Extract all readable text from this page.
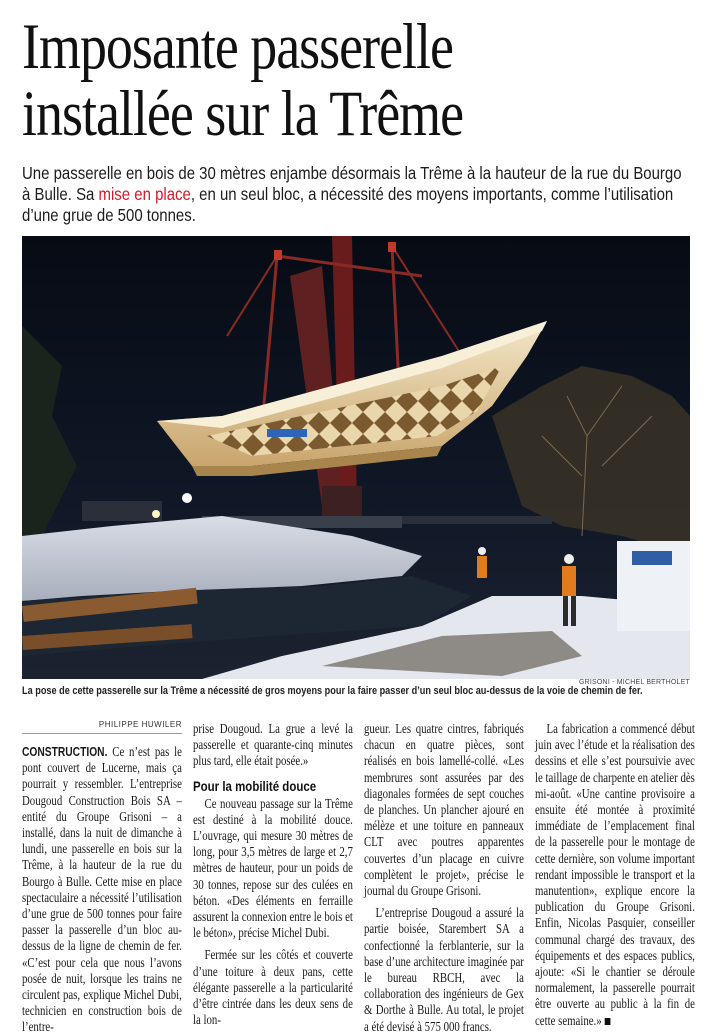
Imposante passerelle
installée sur la Trême
Une passerelle en bois de 30 mètres enjambe désormais la Trême à la hauteur de la rue du Bourgo à Bulle. Sa mise en place, en un seul bloc, a nécessité des moyens importants, comme l’utilisation d’une grue de 500 tonnes.
GRISONI - MICHEL BERTHOLET
La pose de cette passerelle sur la Trême a nécessité de gros moyens pour la faire passer d’un seul bloc au-dessus de la voie de chemin de fer.
PHILIPPE HUWILER

CONSTRUCTION. Ce n’est pas le pont couvert de Lucerne, mais ça pourrait y ressembler. L’entreprise Dougoud Construction Bois SA – entité du Groupe Grisoni – a installé, dans la nuit de dimanche à lundi, une passerelle en bois sur la Trême, à la hauteur de la rue du Bourgo à Bulle. Cette mise en place spectaculaire a nécessité l’utilisation d’une grue de 500 tonnes pour faire passer la passerelle d’un bloc au-dessus de la ligne de chemin de fer. «C’est pour cela que nous l’avons posée de nuit, lorsque les trains ne circulent pas, explique Michel Dubi, technicien en construction bois de l’entre-

prise Dougoud. La grue a levé la passerelle et quarante-cinq minutes plus tard, elle était posée.»

Pour la mobilité douce

Ce nouveau passage sur la Trême est destiné à la mobilité douce. L’ouvrage, qui mesure 30 mètres de long, pour 3,5 mètres de large et 2,7 mètres de hauteur, pour un poids de 30 tonnes, repose sur des culées en béton. «Des éléments en ferraille assurent la connexion entre le bois et le béton», précise Michel Dubi.

Fermée sur les côtés et couverte d’une toiture à deux pans, cette élégante passerelle a la particularité d’être cintrée dans les deux sens de la lon-

gueur. Les quatre cintres, fabriqués chacun en quatre pièces, sont réalisés en bois lamellé-collé. «Les membrures sont assurées par des diagonales formées de sept couches de planches. Un plancher ajouré en mélèze et une toiture en panneaux CLT avec poutres apparentes couvertes d’un placage en cuivre complètent le projet», précise le journal du Groupe Grisoni.

L’entreprise Dougoud a assuré la partie boisée, Starembert SA a confectionné la ferblanterie, sur la base d’une architecture imaginée par le bureau RBCH, avec la collaboration des ingénieurs de Gex & Dorthe à Bulle. Au total, le projet a été devisé à 575 000 francs.

La fabrication a commencé début juin avec l’étude et la réalisation des dessins et elle s’est poursuivie avec le taillage de charpente en atelier dès mi-août. «Une cantine provisoire a ensuite été montée à proximité immédiate de l’emplacement final de la passerelle pour le montage de cette dernière, son volume important rendant impossible le transport et la manutention», explique encore la publication du Groupe Grisoni. Enfin, Nicolas Pasquier, conseiller communal chargé des travaux, des équipements et des espaces publics, ajoute: «Si le chantier se déroule normalement, la passerelle pourrait être ouverte au public à la fin de cette semaine.»
